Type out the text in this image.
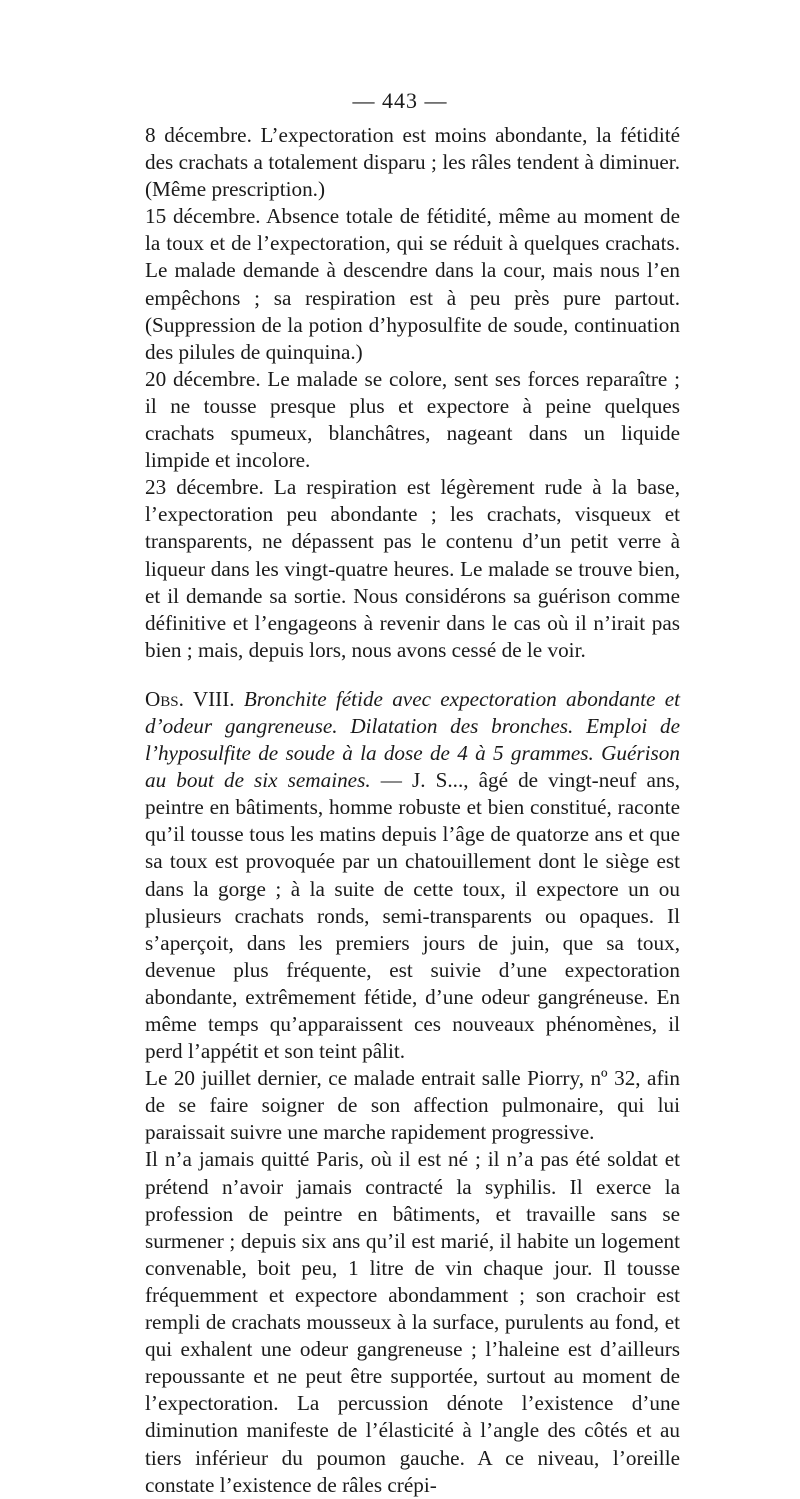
— 443 —

8 décembre. L’expectoration est moins abondante, la fétidité des crachats a totalement disparu ; les râles tendent à diminuer. (Même prescription.)

15 décembre. Absence totale de fétidité, même au moment de la toux et de l’expectoration, qui se réduit à quelques crachats. Le malade demande à descendre dans la cour, mais nous l’en empêchons ; sa respiration est à peu près pure partout. (Suppression de la potion d’hyposulfite de soude, continuation des pilules de quinquina.)

20 décembre. Le malade se colore, sent ses forces reparaître ; il ne tousse presque plus et expectore à peine quelques crachats spumeux, blanchâtres, nageant dans un liquide limpide et incolore.

23 décembre. La respiration est légèrement rude à la base, l’expectoration peu abondante ; les crachats, visqueux et transparents, ne dépassent pas le contenu d’un petit verre à liqueur dans les vingt-quatre heures. Le malade se trouve bien, et il demande sa sortie. Nous considérons sa guérison comme définitive et l’engageons à revenir dans le cas où il n’irait pas bien ; mais, depuis lors, nous avons cessé de le voir.

Obs. VIII. Bronchite fétide avec expectoration abondante et d’odeur gangreneuse. Dilatation des bronches. Emploi de l’hyposulfite de soude à la dose de 4 à 5 grammes. Guérison au bout de six semaines. — J. S..., âgé de vingt-neuf ans, peintre en bâtiments, homme robuste et bien constitué, raconte qu’il tousse tous les matins depuis l’âge de quatorze ans et que sa toux est provoquée par un chatouillement dont le siège est dans la gorge ; à la suite de cette toux, il expectore un ou plusieurs crachats ronds, semi-transparents ou opaques. Il s’aperçoit, dans les premiers jours de juin, que sa toux, devenue plus fréquente, est suivie d’une expectoration abondante, extrêmement fétide, d’une odeur gangréneuse. En même temps qu’apparaissent ces nouveaux phénomènes, il perd l’appétit et son teint pâlit.

Le 20 juillet dernier, ce malade entrait salle Piorry, nº 32, afin de se faire soigner de son affection pulmonaire, qui lui paraissait suivre une marche rapidement progressive.

Il n’a jamais quitté Paris, où il est né ; il n’a pas été soldat et prétend n’avoir jamais contracté la syphilis. Il exerce la profession de peintre en bâtiments, et travaille sans se surmener ; depuis six ans qu’il est marié, il habite un logement convenable, boit peu, 1 litre de vin chaque jour. Il tousse fréquemment et expectore abondamment ; son crachoir est rempli de crachats mousseux à la surface, purulents au fond, et qui exhalent une odeur gangreneuse ; l’haleine est d’ailleurs repoussante et ne peut être supportée, surtout au moment de l’expectoration. La percussion dénote l’existence d’une diminution manifeste de l’élasticité à l’angle des côtés et au tiers inférieur du poumon gauche. A ce niveau, l’oreille constate l’existence de râles crépi-
